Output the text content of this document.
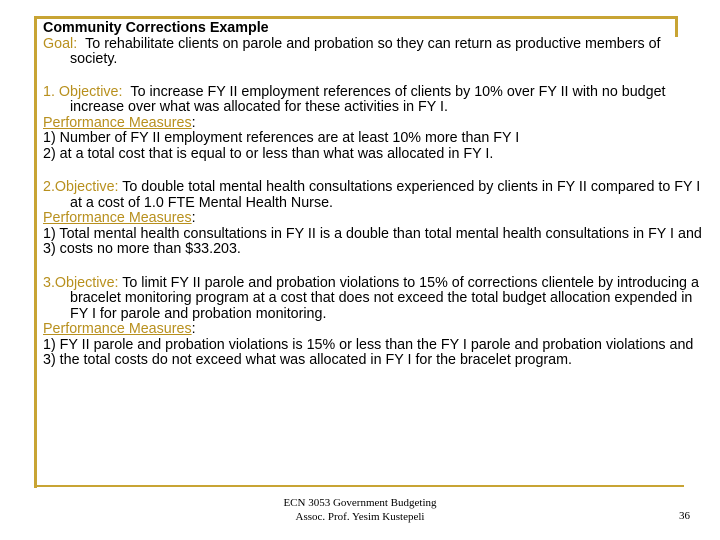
Community Corrections Example
Goal: To rehabilitate clients on parole and probation so they can return as productive members of society.
1. Objective: To increase FY II employment references of clients by 10% over FY II with no budget increase over what was allocated for these activities in FY I.
Performance Measures:
1) Number of FY II employment references are at least 10% more than FY I
2) at a total cost that is equal to or less than what was allocated in FY I.
2.Objective: To double total mental health consultations experienced by clients in FY II compared to FY I at a cost of 1.0 FTE Mental Health Nurse.
Performance Measures:
1) Total mental health consultations in FY II is a double than total mental health consultations in FY I and
3) costs no more than $33.203.
3.Objective: To limit FY II parole and probation violations to 15% of corrections clientele by introducing a bracelet monitoring program at a cost that does not exceed the total budget allocation expended in FY I for parole and probation monitoring.
Performance Measures:
1) FY II parole and probation violations is 15% or less than the FY I parole and probation violations and
3) the total costs do not exceed what was allocated in FY I for the bracelet program.
ECN 3053 Government Budgeting
Assoc. Prof. Yesim Kustepeli	36
